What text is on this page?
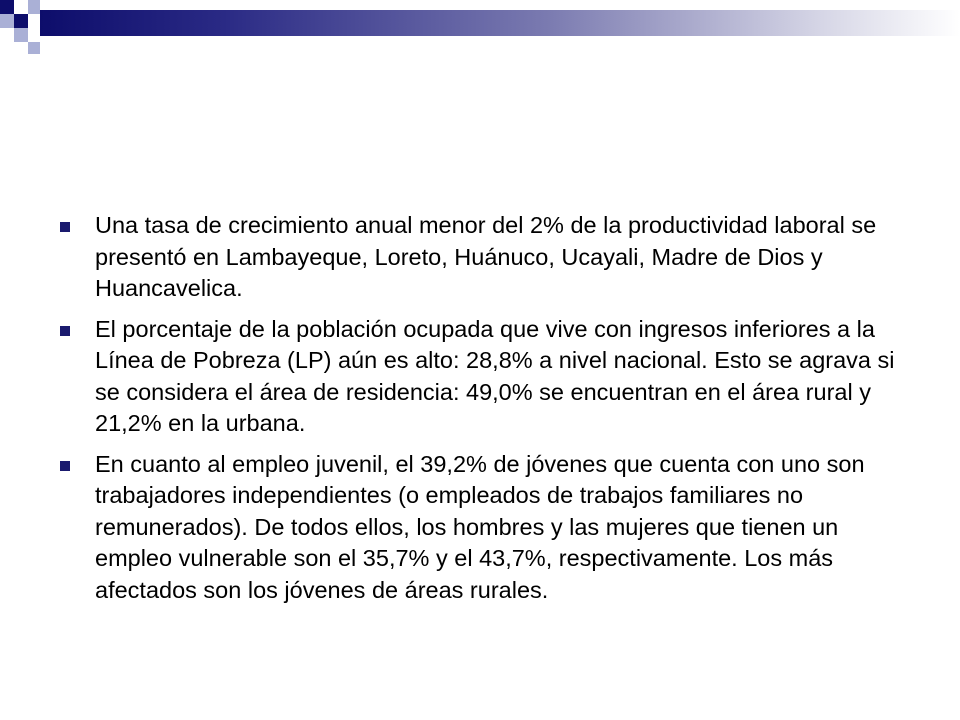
Una tasa de crecimiento anual menor del 2% de la productividad laboral se presentó en Lambayeque, Loreto, Huánuco, Ucayali, Madre de Dios y Huancavelica.
El porcentaje de la población ocupada que vive con ingresos inferiores a la Línea de Pobreza (LP) aún es alto: 28,8% a nivel nacional. Esto se agrava si se considera el área de residencia: 49,0% se encuentran en el área rural y 21,2% en la urbana.
En cuanto al empleo juvenil, el 39,2% de jóvenes que cuenta con uno son trabajadores independientes (o empleados de trabajos familiares no remunerados). De todos ellos, los hombres y las mujeres que tienen un empleo vulnerable son el 35,7% y el 43,7%, respectivamente. Los más afectados son los jóvenes de áreas rurales.
